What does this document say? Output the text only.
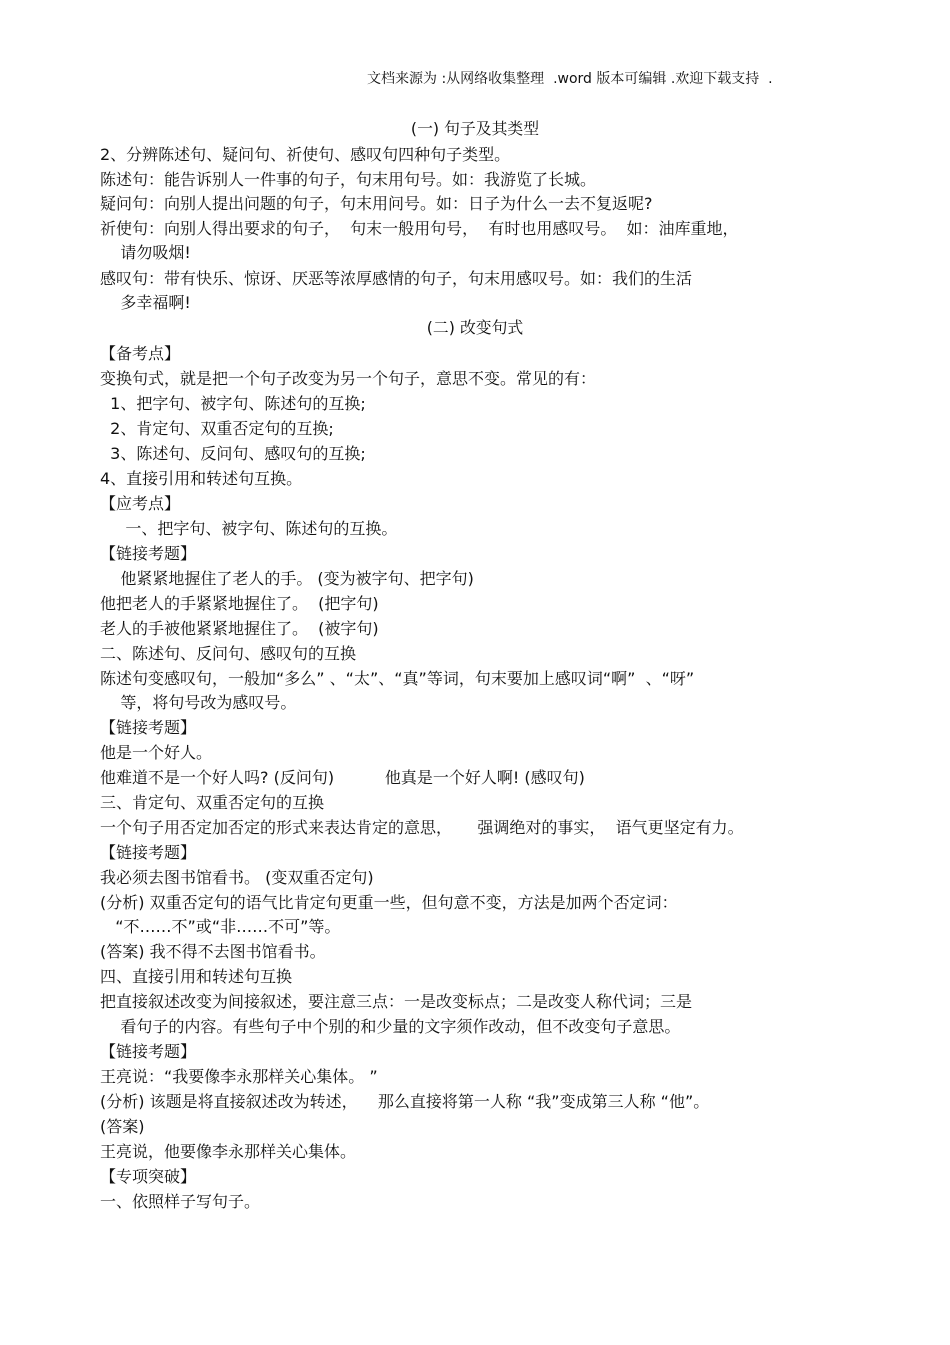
文档来源为 :从网络收集整理  .word 版本可编辑 .欢迎下载支持  .
(一) 句子及其类型
2、分辨陈述句、疑问句、祈使句、感叹句四种句子类型。
陈述句：能告诉别人一件事的句子，句末用句号。如：我游览了长城。
疑问句：向别人提出问题的句子，句末用问号。如：日子为什么一去不复返呢?
祈使句：向别人得出要求的句子，  句末一般用句号，  有时也用感叹号。  如：油库重地，
请勿吸烟!
感叹句：带有快乐、惊讶、厌恶等浓厚感情的句子，句末用感叹号。如：我们的生活
多幸福啊!
(二) 改变句式
【备考点】
变换句式，就是把一个句子改变为另一个句子，意思不变。常见的有：
1、把字句、被字句、陈述句的互换;
2、肯定句、双重否定句的互换;
3、陈述句、反问句、感叹句的互换;
4、直接引用和转述句互换。
【应考点】
一、把字句、被字句、陈述句的互换。
【链接考题】
他紧紧地握住了老人的手。 (变为被字句、把字句)
他把老人的手紧紧地握住了。  (把字句)
老人的手被他紧紧地握住了。  (被字句)
二、陈述句、反问句、感叹句的互换
陈述句变感叹句，一般加“多么” 、“太”、“真”等词，句末要加上感叹词“啊”  、“呀”
等，将句号改为感叹号。
【链接考题】
他是一个好人。
他难道不是一个好人吗? (反问句)          他真是一个好人啊! (感叹句)
三、肯定句、双重否定句的互换
一个句子用否定加否定的形式来表达肯定的意思，     强调绝对的事实，  语气更坚定有力。
【链接考题】
我必须去图书馆看书。 (变双重否定句)
(分析) 双重否定句的语气比肯定句更重一些，但句意不变，方法是加两个否定词：
“不……不”或“非……不可”等。
(答案) 我不得不去图书馆看书。
四、直接引用和转述句互换
把直接叙述改变为间接叙述，要注意三点：一是改变标点；二是改变人称代词；三是
看句子的内容。有些句子中个别的和少量的文字须作改动，但不改变句子意思。
【链接考题】
王亮说：“我要像李永那样关心集体。 ”
(分析) 该题是将直接叙述改为转述，    那么直接将第一人称 “我”变成第三人称 “他”。
(答案)
王亮说，他要像李永那样关心集体。
【专项突破】
一、依照样子写句子。
